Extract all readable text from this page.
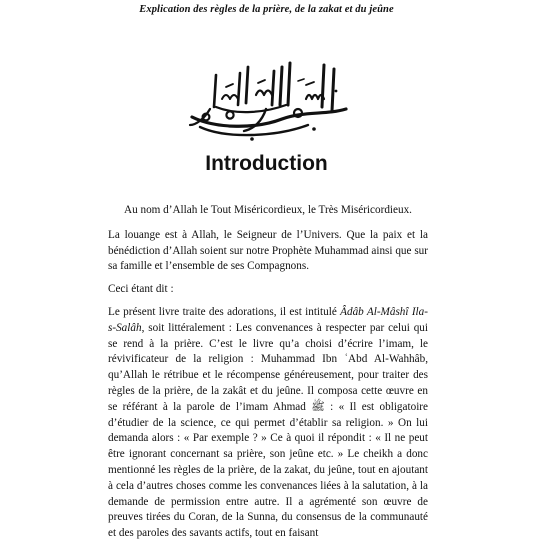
Explication des règles de la prière, de la zakat et du jeûne
Introduction

Au nom d’Allah le Tout Miséricordieux, le Très Miséricordieux.

La louange est à Allah, le Seigneur de l’Univers. Que la paix et la bénédiction d’Allah soient sur notre Prophète Muhammad ainsi que sur sa famille et l’ensemble de ses Compagnons.

Ceci étant dit :

Le présent livre traite des adorations, il est intitulé Âdâb Al-Mâshî Ila-s-Salâh, soit littéralement : Les convenances à respecter par celui qui se rend à la prière. C’est le livre qu’a choisi d’écrire l’imam, le révivificateur de la religion : Muhammad Ibn ʿAbd Al-Wahhâb, qu’Allah le rétribue et le récompense généreusement, pour traiter des règles de la prière, de la zakât et du jeûne. Il composa cette œuvre en se référant à la parole de l’imam Ahmad ﷺ : « Il est obligatoire d’étudier de la science, ce qui permet d’établir sa religion. » On lui demanda alors : « Par exemple ? » Ce à quoi il répondit : « Il ne peut être ignorant concernant sa prière, son jeûne etc. » Le cheikh a donc mentionné les règles de la prière, de la zakat, du jeûne, tout en ajoutant à cela d’autres choses comme les convenances liées à la salutation, à la demande de permission entre autre. Il a agrémenté son œuvre de preuves tirées du Coran, de la Sunna, du consensus de la communauté et des paroles des savants actifs, tout en faisant
